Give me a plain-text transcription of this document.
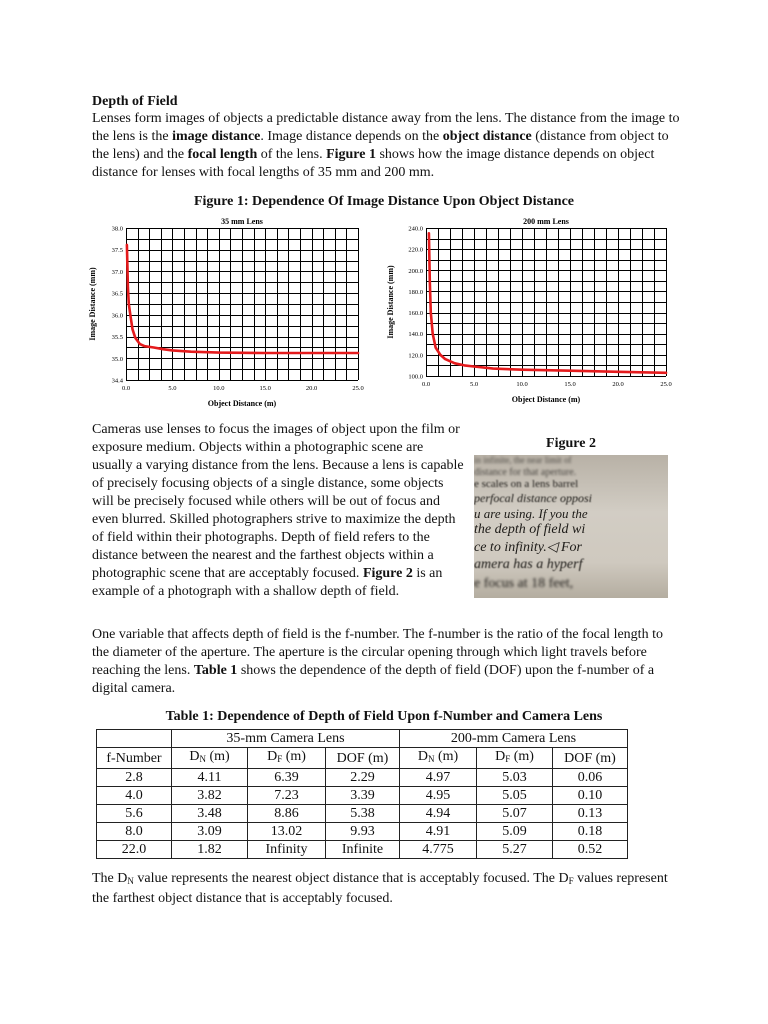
Depth of Field

Lenses form images of objects a predictable distance away from the lens. The distance from the image to the lens is the image distance. Image distance depends on the object distance (distance from object to the lens) and the focal length of the lens. Figure 1 shows how the image distance depends on object distance for lenses with focal lengths of 35 mm and 200 mm.

Figure 1: Dependence Of Image Distance Upon Object Distance
35 mm Lens
34.4
35.0
35.5
36.0
36.5
37.0
37.5
38.0
0.0	5.0	10.0	15.0	20.0	25.0
Object Distance (m)
Image Distance (mm)
200 mm Lens
100.0
120.0
140.0
160.0
180.0
200.0
220.0
240.0
0.0	5.0	10.0	15.0	20.0	25.0
Object Distance (m)
Image Distance (mm)

Cameras use lenses to focus the images of object upon the film or exposure medium. Objects within a photographic scene are usually a varying distance from the lens. Because a lens is capable of precisely focusing objects of a single distance, some objects will be precisely focused while others will be out of focus and even blurred. Skilled photographers strive to maximize the depth of field within their photographs. Depth of field refers to the distance between the nearest and the farthest objects within a photographic scene that are acceptably focused. Figure 2 is an example of a photograph with a shallow depth of field.

Figure 2
in infinite, the near limit of
distance for that aperture.
e scales on a lens barrel
perfocal distance opposi
u are using. If you the
the depth of field wi
ce to infinity.◁ For
amera has a hyperf
e focus at 18 feet,

One variable that affects depth of field is the f-number. The f-number is the ratio of the focal length to the diameter of the aperture. The aperture is the circular opening through which light travels before reaching the lens. Table 1 shows the dependence of the depth of field (DOF) upon the f-number of a digital camera.

Table 1: Dependence of Depth of Field Upon f-Number and Camera Lens
	35-mm Camera Lens			200-mm Camera Lens		
f-Number	$D_N$ (m)	$D_F$ (m)	DOF (m)	$D_N$ (m)	$D_F$ (m)	DOF (m)
2.8	4.11	6.39	2.29	4.97	5.03	0.06
4.0	3.82	7.23	3.39	4.95	5.05	0.10
5.6	3.48	8.86	5.38	4.94	5.07	0.13
8.0	3.09	13.02	9.93	4.91	5.09	0.18
22.0	1.82	Infinity	Infinite	4.775	5.27	0.52

The $D_N$ value represents the nearest object distance that is acceptably focused. The $D_F$ values represent the farthest object distance that is acceptably focused.
